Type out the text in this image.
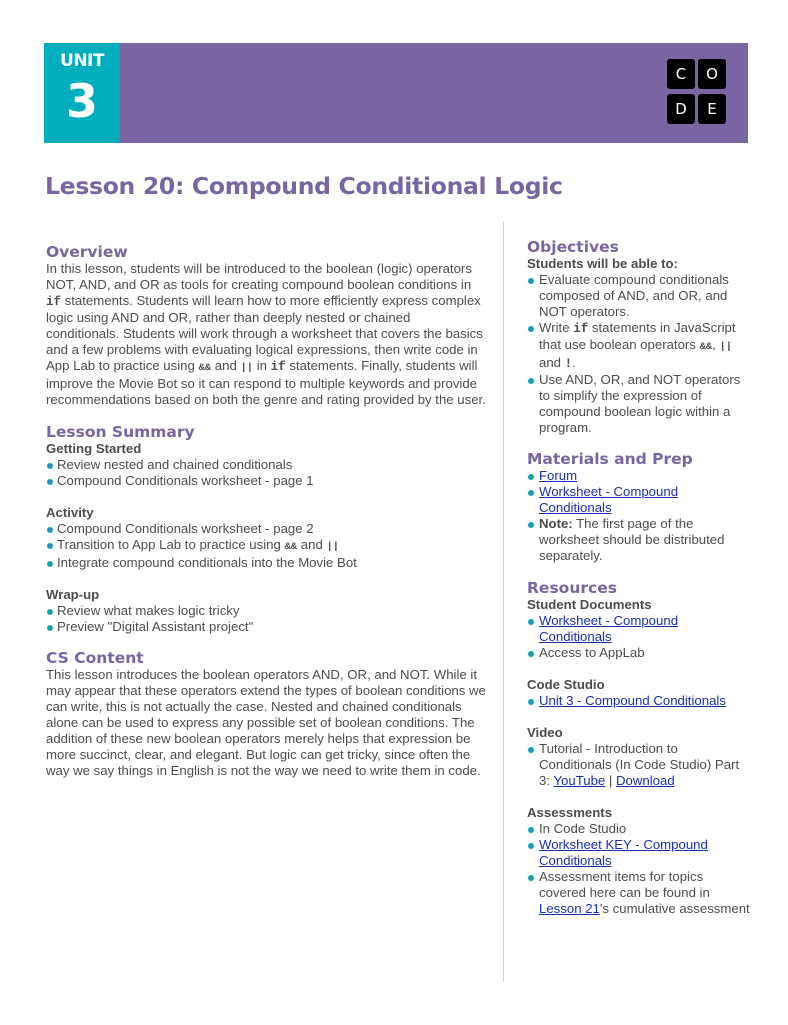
UNIT
3	C	O
D	E
Lesson 20: Compound Conditional Logic
Overview

In this lesson, students will be introduced to the boolean (logic) operators NOT, AND, and OR as tools for creating compound boolean conditions in if statements. Students will learn how to more efficiently express complex logic using AND and OR, rather than deeply nested or chained conditionals. Students will work through a worksheet that covers the basics and a few problems with evaluating logical expressions, then write code in App Lab to practice using && and || in if statements. Finally, students will improve the Movie Bot so it can respond to multiple keywords and provide recommendations based on both the genre and rating provided by the user.

Lesson Summary
Getting Started
Review nested and chained conditionals
Compound Conditionals worksheet - page 1
Activity
Compound Conditionals worksheet - page 2
Transition to App Lab to practice using && and ||
Integrate compound conditionals into the Movie Bot
Wrap-up
Review what makes logic tricky
Preview "Digital Assistant project"
CS Content

This lesson introduces the boolean operators AND, OR, and NOT. While it may appear that these operators extend the types of boolean conditions we can write, this is not actually the case. Nested and chained conditionals alone can be used to express any possible set of boolean conditions. The addition of these new boolean operators merely helps that expression be more succinct, clear, and elegant. But logic can get tricky, since often the way we say things in English is not the way we need to write them in code.

Objectives
Students will be able to:
Evaluate compound conditionals composed of AND, and OR, and NOT operators.
Write if statements in JavaScript that use boolean operators &&, || and !.
Use AND, OR, and NOT operators to simplify the expression of compound boolean logic within a program.
Materials and Prep
Forum
Worksheet - Compound Conditionals
Note: The first page of the worksheet should be distributed separately.
Resources
Student Documents
Worksheet - Compound Conditionals
Access to AppLab
Code Studio
Unit 3 - Compound Conditionals
Video
Tutorial - Introduction to Conditionals (In Code Studio) Part 3: YouTube | Download
Assessments
In Code Studio
Worksheet KEY - Compound Conditionals
Assessment items for topics covered here can be found in Lesson 21's cumulative assessment
